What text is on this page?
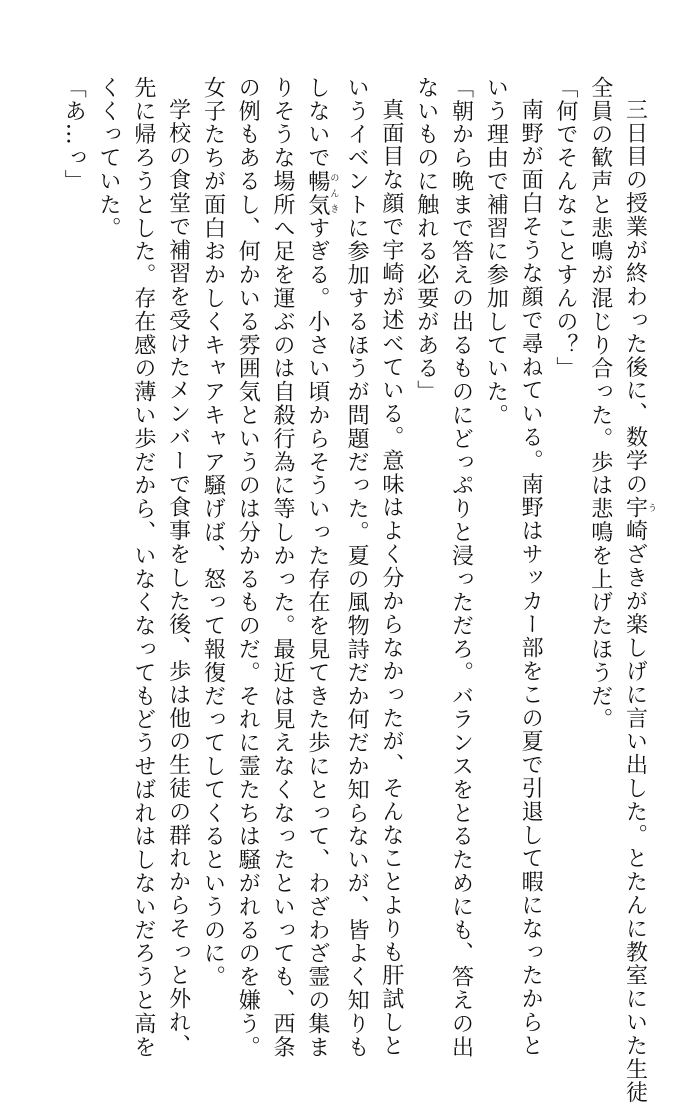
三日目の授業が終わった後に、数学の宇う崎ざきが楽しげに言い出した。とたんに教室にいた生徒
全員の歓声と悲鳴が混じり合った。歩は悲鳴を上げたほうだ。
「何でそんなことすんの？」
南野が面白そうな顔で尋ねている。南野はサッカー部をこの夏で引退して暇になったからと
いう理由で補習に参加していた。
「朝から晩まで答えの出るものにどっぷりと浸っただろ。バランスをとるためにも、答えの出
ないものに触れる必要がある」
真面目な顔で宇崎が述べている。意味はよく分からなかったが、そんなことよりも肝試しと
いうイベントに参加するほうが問題だった。夏の風物詩だか何だか知らないが、皆よく知りも
しないで暢気のんきすぎる。小さい頃からそういった存在を見てきた歩にとって、わざわざ霊の集ま
りそうな場所へ足を運ぶのは自殺行為に等しかった。最近は見えなくなったといっても、西条
の例もあるし、何かいる雰囲気というのは分かるものだ。それに霊たちは騒がれるのを嫌う。
女子たちが面白おかしくキャアキャア騒げば、怒って報復だってしてくるというのに。
学校の食堂で補習を受けたメンバーで食事をした後、歩は他の生徒の群れからそっと外れ、
先に帰ろうとした。存在感の薄い歩だから、いなくなってもどうせばれはしないだろうと高を
くくっていた。
「あ…っ」
